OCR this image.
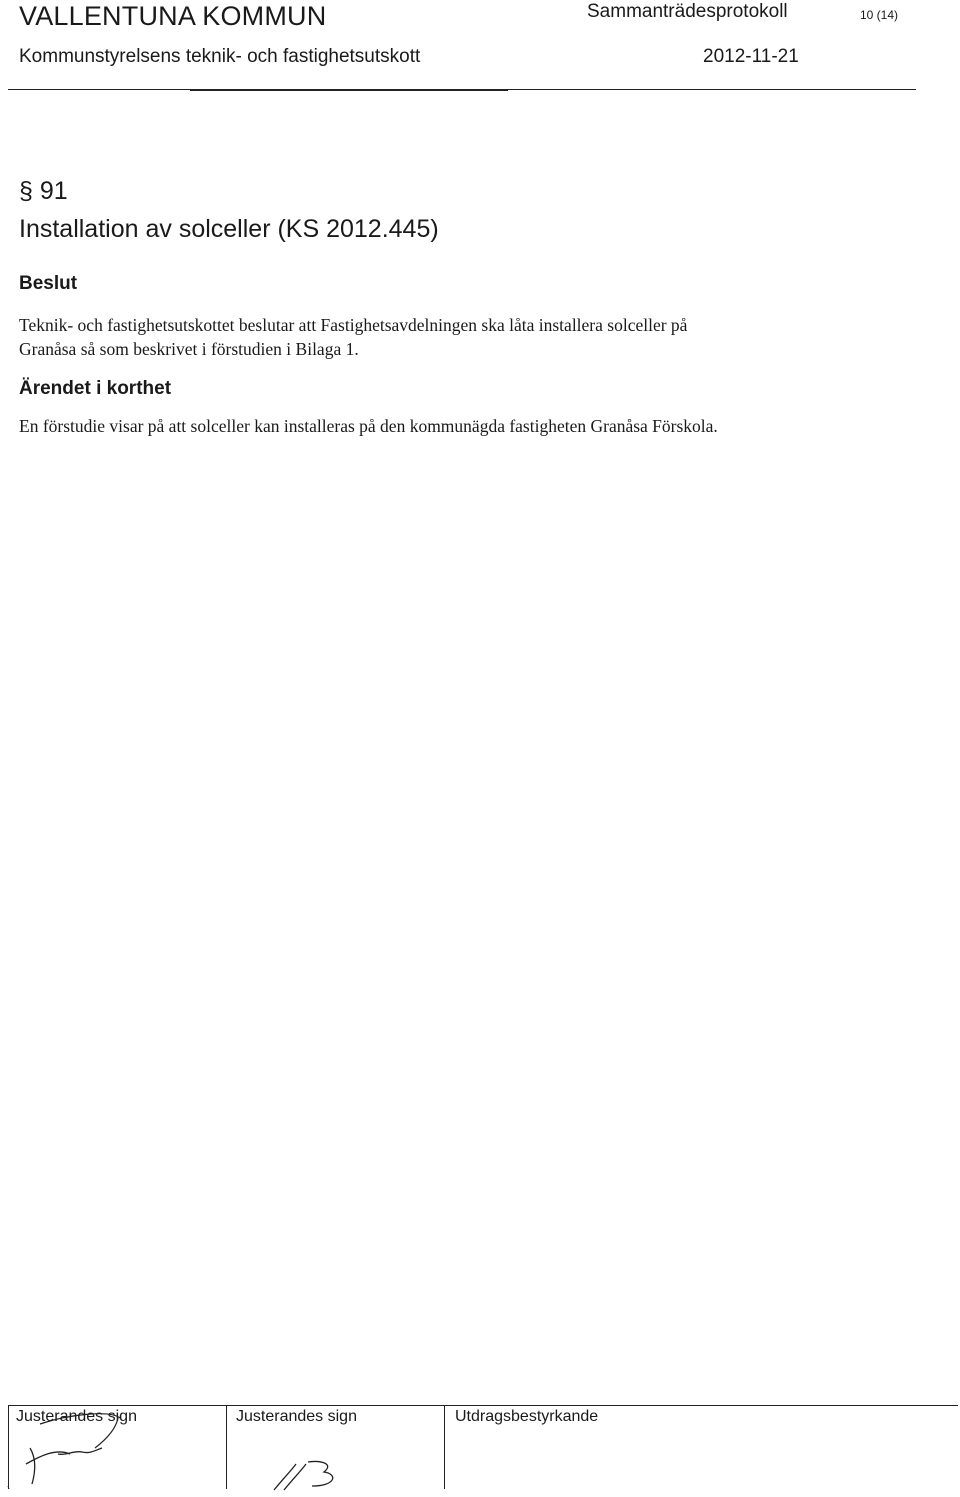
VALLENTUNA KOMMUN	Sammanträdesprotokoll	10 (14)
Kommunstyrelsens teknik- och fastighetsutskott	2012-11-21
§ 91
Installation av solceller (KS 2012.445)
Beslut
Teknik- och fastighetsutskottet beslutar att Fastighetsavdelningen ska låta installera solceller på
Granåsa så som beskrivet i förstudien i Bilaga 1.
Ärendet i korthet
En förstudie visar på att solceller kan installeras på den kommunägda fastigheten Granåsa Förskola.
Justerandes sign	Justerandes sign	Utdragsbestyrkande
